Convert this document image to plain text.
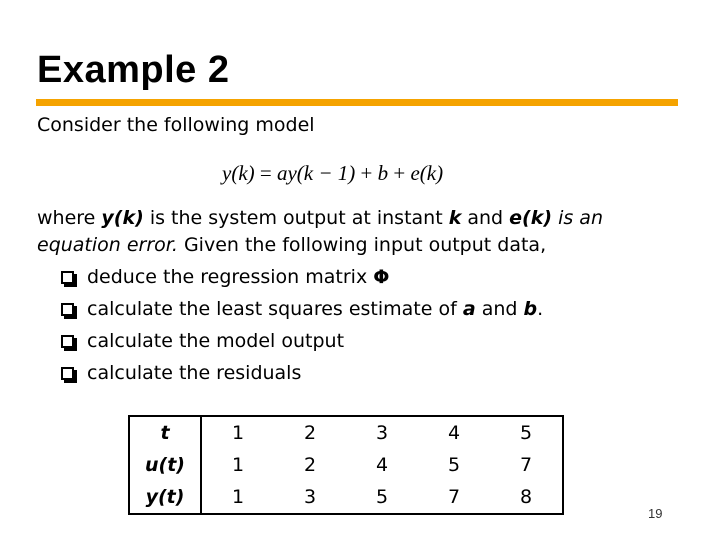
Example 2
Consider the following model
y(k) = ay(k − 1) + b + e(k)
where y(k) is the system output at instant k and e(k) is an
equation error. Given the following input output data,
deduce the regression matrix
Φ
calculate the least squares estimate of
a
and
b .
calculate the model output
calculate the residuals
t	1	2	3	4	5
u(t)	1	2	4	5	7
y(t)	1	3	5	7	8
19
